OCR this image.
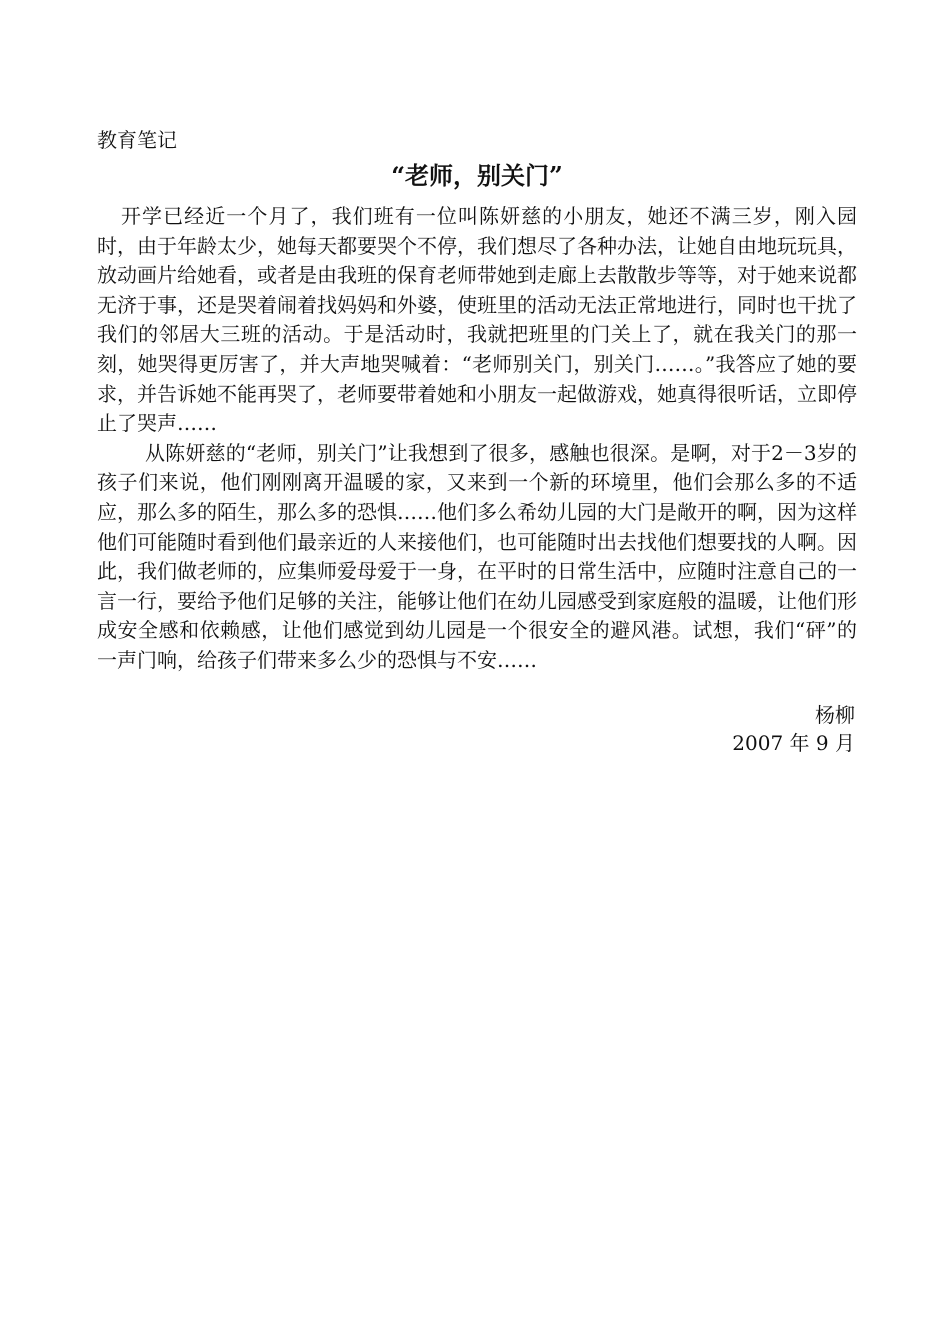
教育笔记
“老师，别关门”

开学已经近一个月了，我们班有一位叫陈妍慈的小朋友，她还不满三岁，刚入园时，由于年龄太少，她每天都要哭个不停，我们想尽了各种办法，让她自由地玩玩具，放动画片给她看，或者是由我班的保育老师带她到走廊上去散散步等等，对于她来说都无济于事，还是哭着闹着找妈妈和外婆，使班里的活动无法正常地进行，同时也干扰了我们的邻居大三班的活动。于是活动时，我就把班里的门关上了，就在我关门的那一刻，她哭得更厉害了，并大声地哭喊着：“老师别关门，别关门……。”我答应了她的要求，并告诉她不能再哭了，老师要带着她和小朋友一起做游戏，她真得很听话，立即停止了哭声……

从陈妍慈的“老师，别关门”让我想到了很多，感触也很深。是啊，对于2－3岁的孩子们来说，他们刚刚离开温暖的家，又来到一个新的环境里，他们会那么多的不适应，那么多的陌生，那么多的恐惧……他们多么希幼儿园的大门是敞开的啊，因为这样他们可能随时看到他们最亲近的人来接他们，也可能随时出去找他们想要找的人啊。因此，我们做老师的，应集师爱母爱于一身，在平时的日常生活中，应随时注意自己的一言一行，要给予他们足够的关注，能够让他们在幼儿园感受到家庭般的温暖，让他们形成安全感和依赖感，让他们感觉到幼儿园是一个很安全的避风港。试想，我们“砰”的一声门响，给孩子们带来多么少的恐惧与不安……

杨柳
2007 年 9 月
